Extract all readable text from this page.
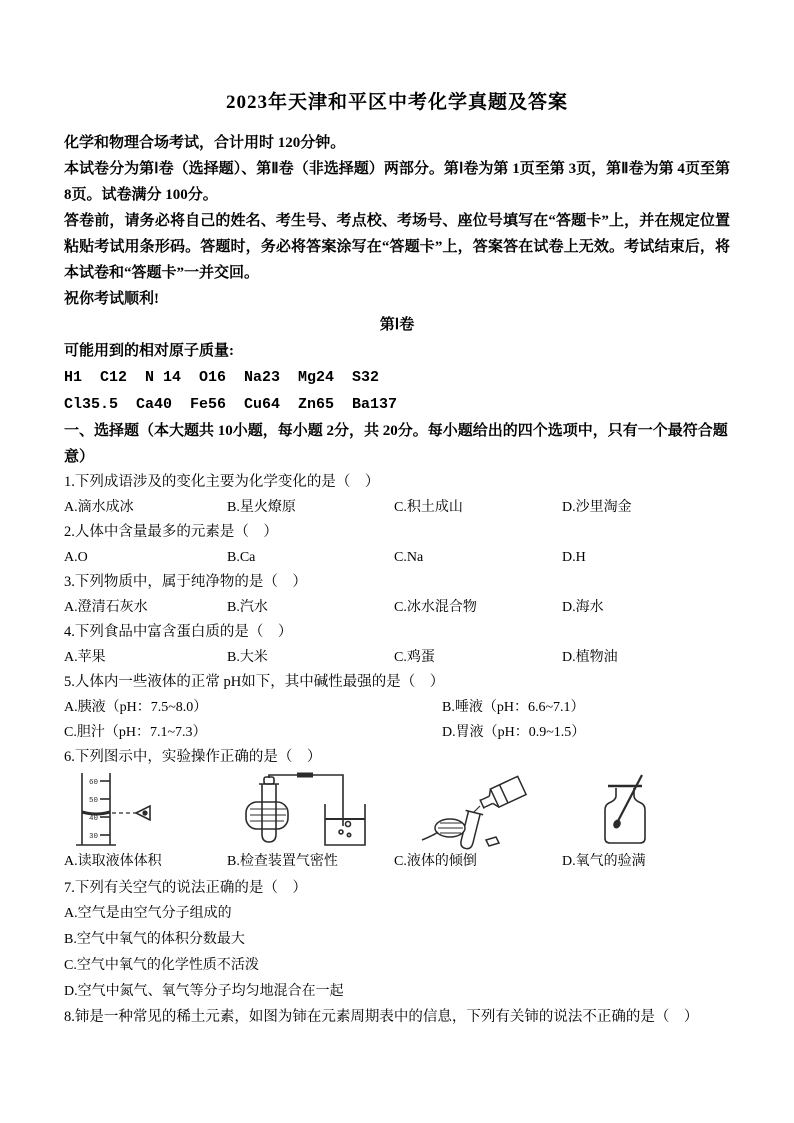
2023年天津和平区中考化学真题及答案

化学和物理合场考试，合计用时 120分钟。

本试卷分为第Ⅰ卷（选择题）、第Ⅱ卷（非选择题）两部分。第Ⅰ卷为第 1页至第 3页，第Ⅱ卷为第 4页至第8页。试卷满分 100分。

答卷前，请务必将自己的姓名、考生号、考点校、考场号、座位号填写在“答题卡”上，并在规定位置粘贴考试用条形码。答题时，务必将答案涂写在“答题卡”上，答案答在试卷上无效。考试结束后，将本试卷和“答题卡”一并交回。

祝你考试顺利!

第Ⅰ卷

可能用到的相对原子质量:

H1  C12  N 14  O16  Na23  Mg24  S32

Cl35.5  Ca40  Fe56  Cu64  Zn65  Ba137

一、选择题（本大题共 10小题，每小题 2分，共 20分。每小题给出的四个选项中，只有一个最符合题意）

1.下列成语涉及的变化主要为化学变化的是（    ）

A.滴水成冰	B.星火燎原	C.积土成山	D.沙里淘金

2.人体中含量最多的元素是（    ）

A.O	B.Ca	C.Na	D.H

3.下列物质中，属于纯净物的是（    ）

A.澄清石灰水	B.汽水	C.冰水混合物	D.海水

4.下列食品中富含蛋白质的是（    ）

A.苹果	B.大米	C.鸡蛋	D.植物油

5.人体内一些液体的正常 pH如下，其中碱性最强的是（    ）

A.胰液（pH：7.5~8.0）	B.唾液（pH：6.6~7.1）
C.胆汁（pH：7.1~7.3）	D.胃液（pH：0.9~1.5）

6.下列图示中，实验操作正确的是（    ）

60
50
40
30
A.读取液体体积	B.检查装置气密性	C.液体的倾倒	D.氧气的验满

7.下列有关空气的说法正确的是（    ）

A.空气是由空气分子组成的

B.空气中氧气的体积分数最大

C.空气中氧气的化学性质不活泼

D.空气中氮气、氧气等分子均匀地混合在一起

8.铈是一种常见的稀土元素，如图为铈在元素周期表中的信息，下列有关铈的说法不正确的是（    ）
